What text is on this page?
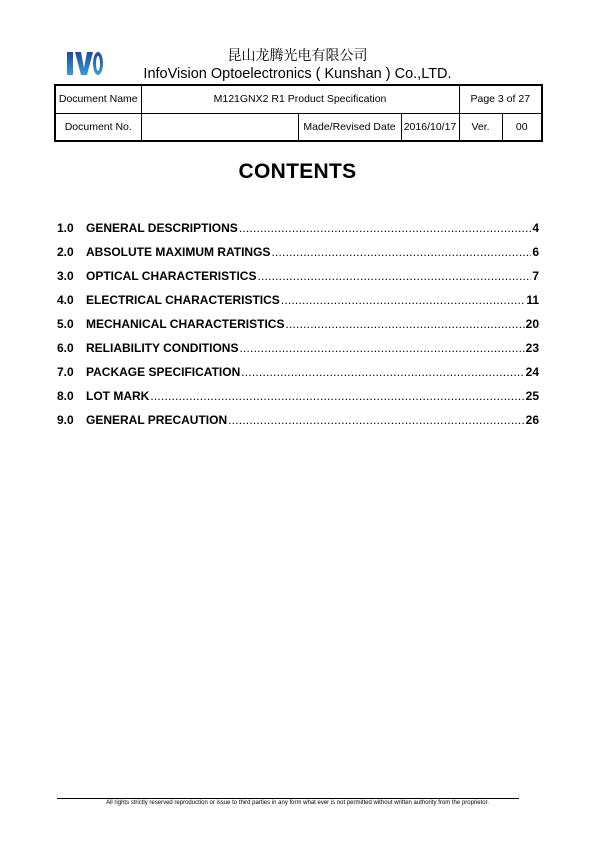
昆山龙腾光电有限公司
InfoVision Optoelectronics ( Kunshan ) Co.,LTD.
Document Name	M121GNX2 R1 Product Specification			Page 3 of 27	
Document No.		Made/Revised Date	2016/10/17	Ver.	00
CONTENTS
1.0	GENERAL DESCRIPTIONS .....	4
2.0	ABSOLUTE MAXIMUM RATINGS .....	6
3.0	OPTICAL CHARACTERISTICS .....	7
4.0	ELECTRICAL CHARACTERISTICS .....	11
5.0	MECHANICAL CHARACTERISTICS .....	20
6.0	RELIABILITY CONDITIONS .....	23
7.0	PACKAGE SPECIFICATION .....	24
8.0	LOT MARK .....	25
9.0	GENERAL PRECAUTION .....	26
All rights strictly reserved reproduction or issue to third parties in any form what ever is not permitted without written authority from the proprietor.
